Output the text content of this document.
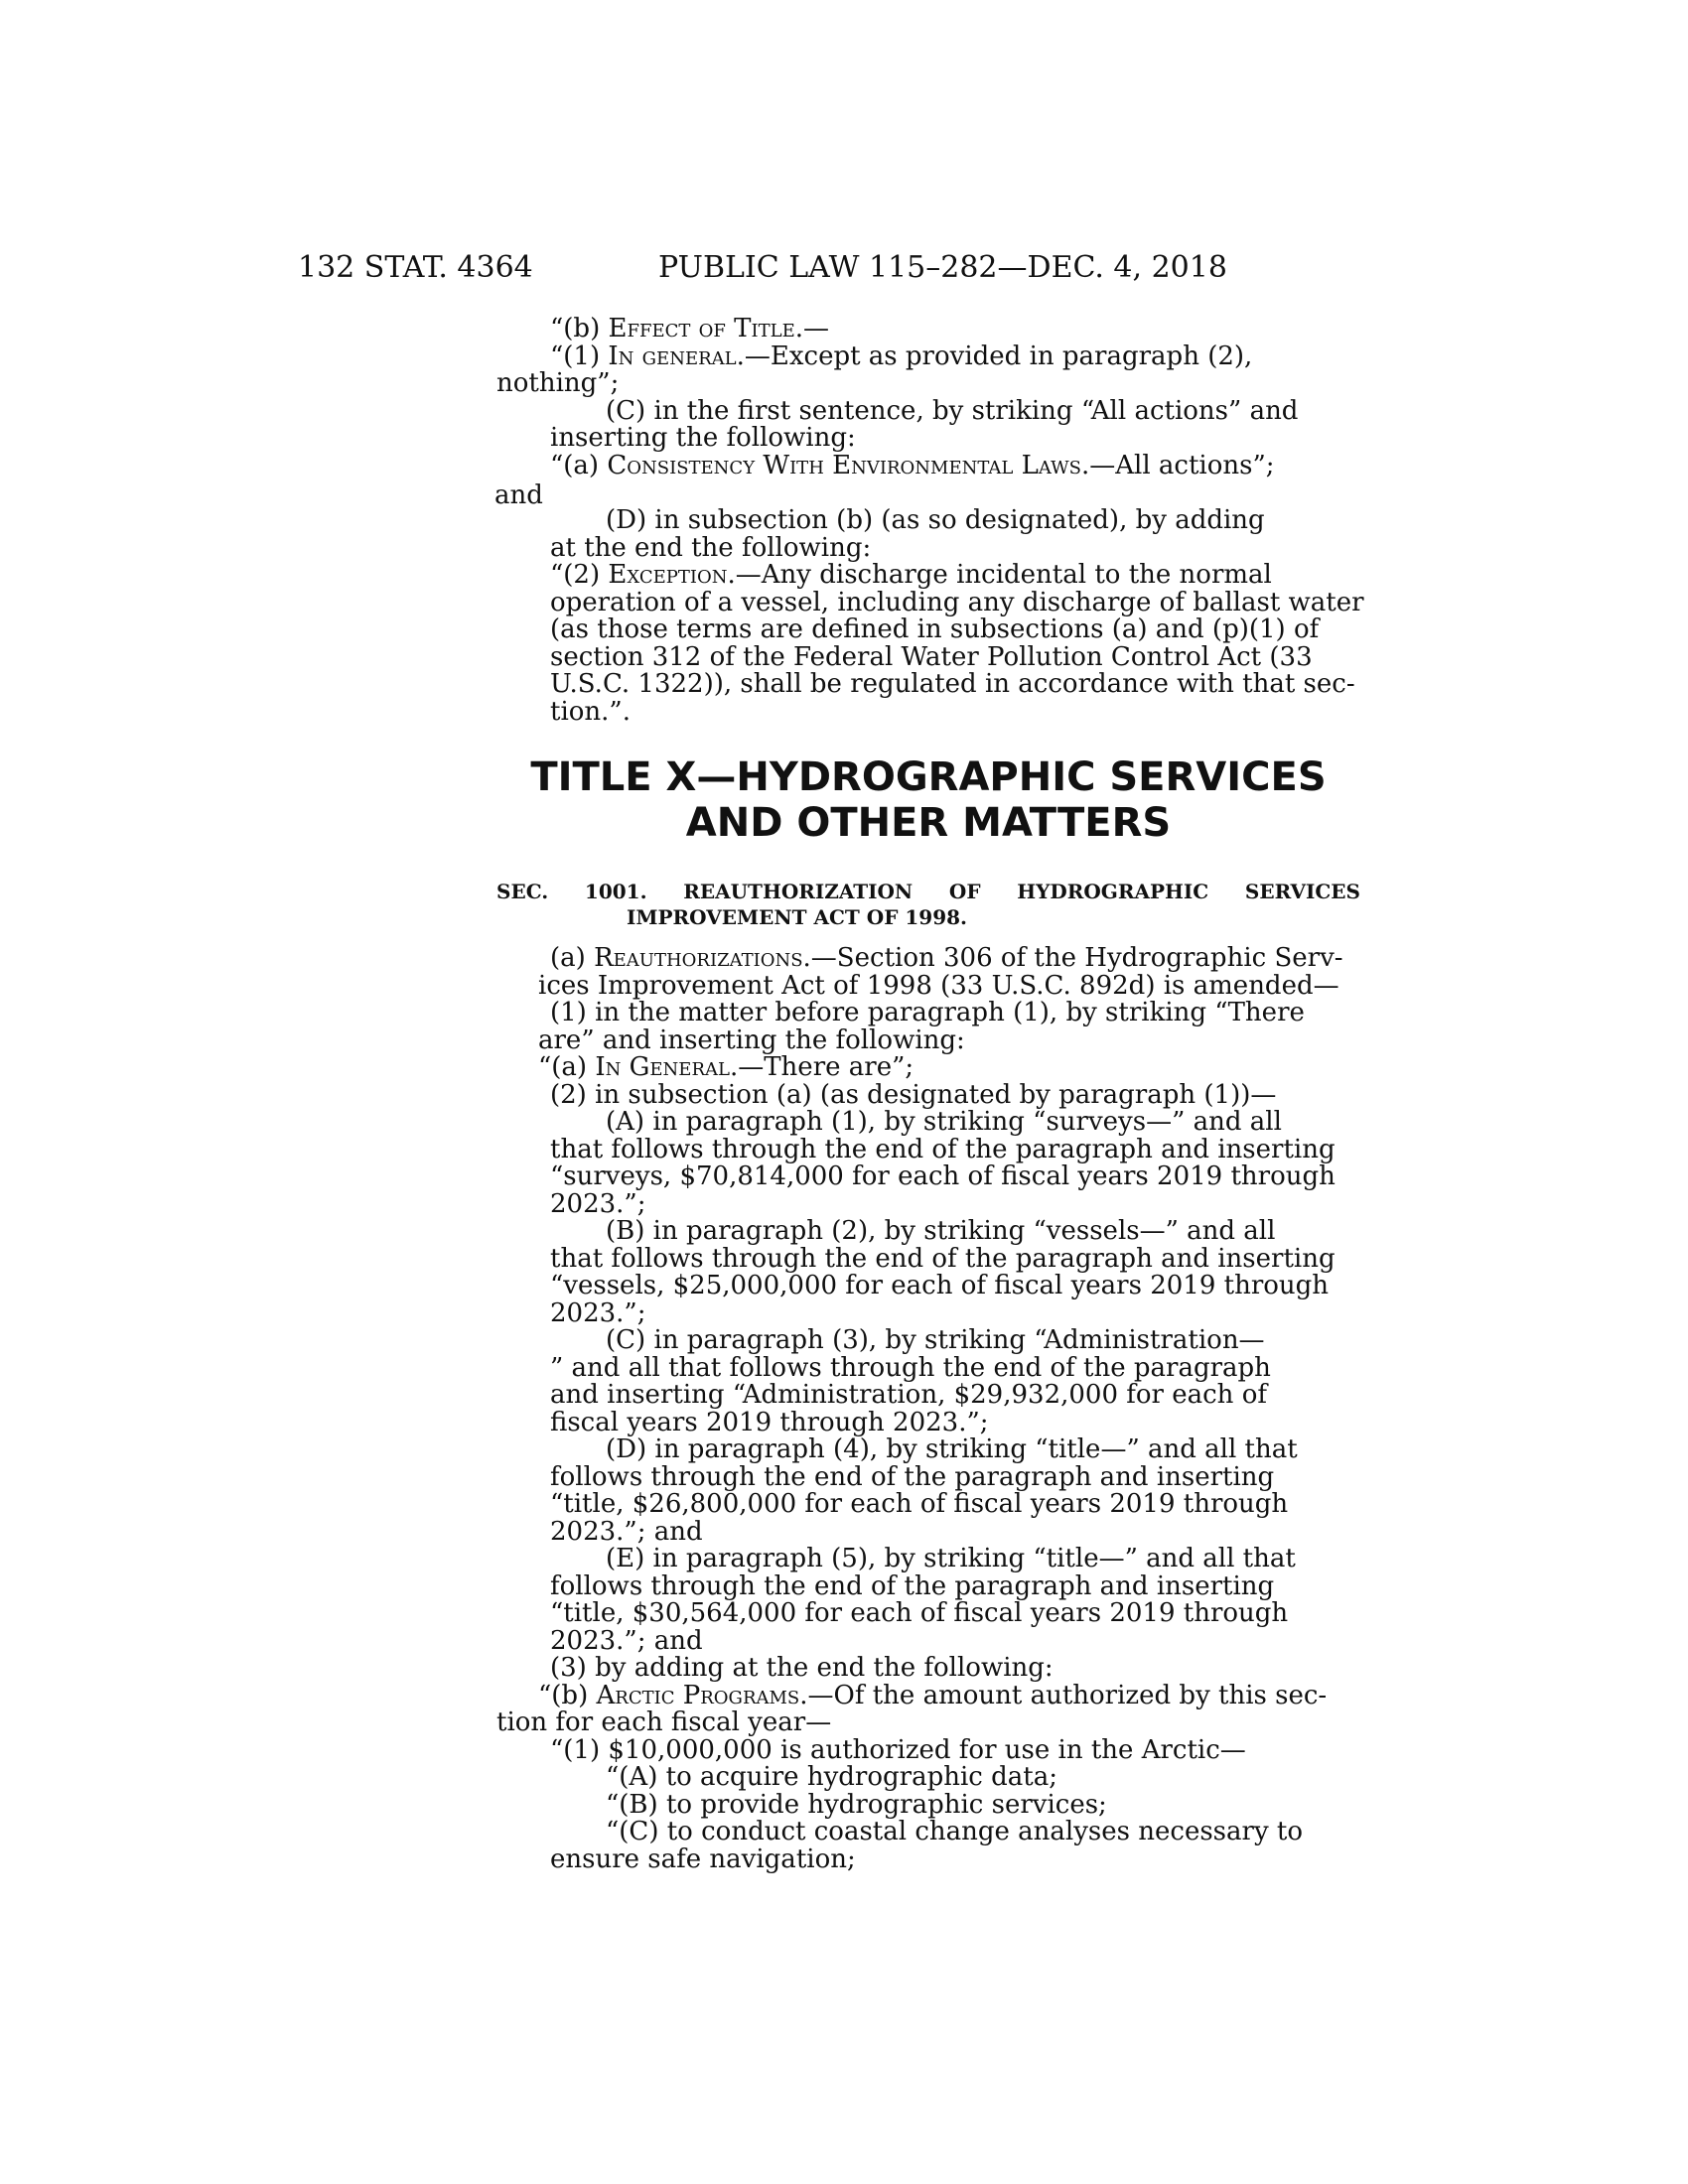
132 STAT. 4364	PUBLIC LAW 115–282—DEC. 4, 2018
“(b) Effect of Title.—
“(1) In general.—Except as provided in paragraph (2),
nothing”;
(C) in the first sentence, by striking “All actions” and
inserting the following:
“(a) Consistency With Environmental Laws.—All actions”;
and
(D) in subsection (b) (as so designated), by adding
at the end the following:
“(2) Exception.—Any discharge incidental to the normal
operation of a vessel, including any discharge of ballast water
(as those terms are defined in subsections (a) and (p)(1) of
section 312 of the Federal Water Pollution Control Act (33
U.S.C. 1322)), shall be regulated in accordance with that sec-
tion.”.
TITLE X—HYDROGRAPHIC SERVICES
AND OTHER MATTERS
SEC. 1001. REAUTHORIZATION OF HYDROGRAPHIC SERVICES
IMPROVEMENT ACT OF 1998.
(a) Reauthorizations.—Section 306 of the Hydrographic Serv-
ices Improvement Act of 1998 (33 U.S.C. 892d) is amended—
(1) in the matter before paragraph (1), by striking “There
are” and inserting the following:
“(a) In General.—There are”;
(2) in subsection (a) (as designated by paragraph (1))—
(A) in paragraph (1), by striking “surveys—” and all
that follows through the end of the paragraph and inserting
“surveys, $70,814,000 for each of fiscal years 2019 through
2023.”;
(B) in paragraph (2), by striking “vessels—” and all
that follows through the end of the paragraph and inserting
“vessels, $25,000,000 for each of fiscal years 2019 through
2023.”;
(C) in paragraph (3), by striking “Administration—
” and all that follows through the end of the paragraph
and inserting “Administration, $29,932,000 for each of
fiscal years 2019 through 2023.”;
(D) in paragraph (4), by striking “title—” and all that
follows through the end of the paragraph and inserting
“title, $26,800,000 for each of fiscal years 2019 through
2023.”; and
(E) in paragraph (5), by striking “title—” and all that
follows through the end of the paragraph and inserting
“title, $30,564,000 for each of fiscal years 2019 through
2023.”; and
(3) by adding at the end the following:
“(b) Arctic Programs.—Of the amount authorized by this sec-
tion for each fiscal year—
“(1) $10,000,000 is authorized for use in the Arctic—
“(A) to acquire hydrographic data;
“(B) to provide hydrographic services;
“(C) to conduct coastal change analyses necessary to
ensure safe navigation;
